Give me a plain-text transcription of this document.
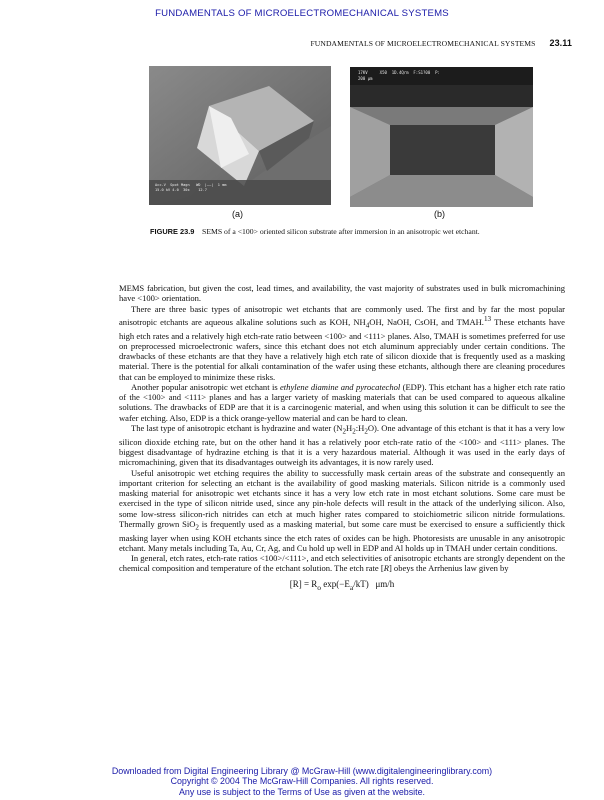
FUNDAMENTALS OF MICROELECTROMECHANICAL SYSTEMS
FUNDAMENTALS OF MICROELECTROMECHANICAL SYSTEMS 23.11
Acc.V  Spot Magn   WD  |——|  1 mm
15.0 kV 4.0  30x    12.7
17KV     X50  1D.4Qrm  F:S1?00  P:
200 μm
(a)	(b)
FIGURE 23.9 SEMS of a <100> oriented silicon substrate after immersion in an anisotropic wet etchant.

MEMS fabrication, but given the cost, lead times, and availability, the vast majority of substrates used in bulk micromachining have <100> orientation.

There are three basic types of anisotropic wet etchants that are commonly used. The first and by far the most popular anisotropic etchants are aqueous alkaline solutions such as KOH, $NH_4OH$, NaOH, CsOH, and TMAH.$^{13}$ These etchants have high etch rates and a relatively high etch-rate ratio between <100> and <111> planes. Also, TMAH is sometimes preferred for use on preprocessed microelectronic wafers, since this etchant does not etch aluminum appreciably under certain conditions. The drawbacks of these etchants are that they have a relatively high etch rate of silicon dioxide that is frequently used as a masking material. There is the potential for alkali contamination of the wafer using these etchants, although there are cleaning procedures that can be employed to minimize these risks.

Another popular anisotropic wet etchant is ethylene diamine and pyrocatechol (EDP). This etchant has a higher etch rate ratio of the <100> and <111> planes and has a larger variety of masking materials that can be used compared to aqueous alkaline solutions. The drawbacks of EDP are that it is a carcinogenic material, and when using this solution it can be difficult to see the wafer etching. Also, EDP is a thick orange-yellow material and can be hard to clean.

The last type of anisotropic etchant is hydrazine and water $(N_2H_2:H_2O)$. One advantage of this etchant is that it has a very low silicon dioxide etching rate, but on the other hand it has a relatively poor etch-rate ratio of the <100> and <111> planes. The biggest disadvantage of hydrazine etching is that it is a very hazardous material. Although it was used in the early days of micromachining, given that its disadvantages outweigh its advantages, it is now rarely used.

Useful anisotropic wet etching requires the ability to successfully mask certain areas of the substrate and consequently an important criterion for selecting an etchant is the availability of good masking materials. Silicon nitride is a commonly used masking material for anisotropic wet etchants since it has a very low etch rate in most etchant solutions. Some care must be exercised in the type of silicon nitride used, since any pin-hole defects will result in the attack of the underlying silicon. Also, some low-stress silicon-rich nitrides can etch at much higher rates compared to stoichiometric silicon nitride formulations. Thermally grown SiO$_2$ is frequently used as a masking material, but some care must be exercised to ensure a sufficiently thick masking layer when using KOH etchants since the etch rates of oxides can be high. Photoresists are unusable in any anisotropic etchant. Many metals including Ta, Au, Cr, Ag, and Cu hold up well in EDP and Al holds up in TMAH under certain conditions.

In general, etch rates, etch-rate ratios <100>/<111>, and etch selectivities of anisotropic etchants are strongly dependent on the chemical composition and temperature of the etchant solution. The etch rate [R] obeys the Arrhenius law given by

$[R] = R_o$ $\exp(-E_a/kT)$ μm/h
Downloaded from Digital Engineering Library @ McGraw-Hill (www.digitalengineeringlibrary.com)
Copyright © 2004 The McGraw-Hill Companies. All rights reserved.
Any use is subject to the Terms of Use as given at the website.
